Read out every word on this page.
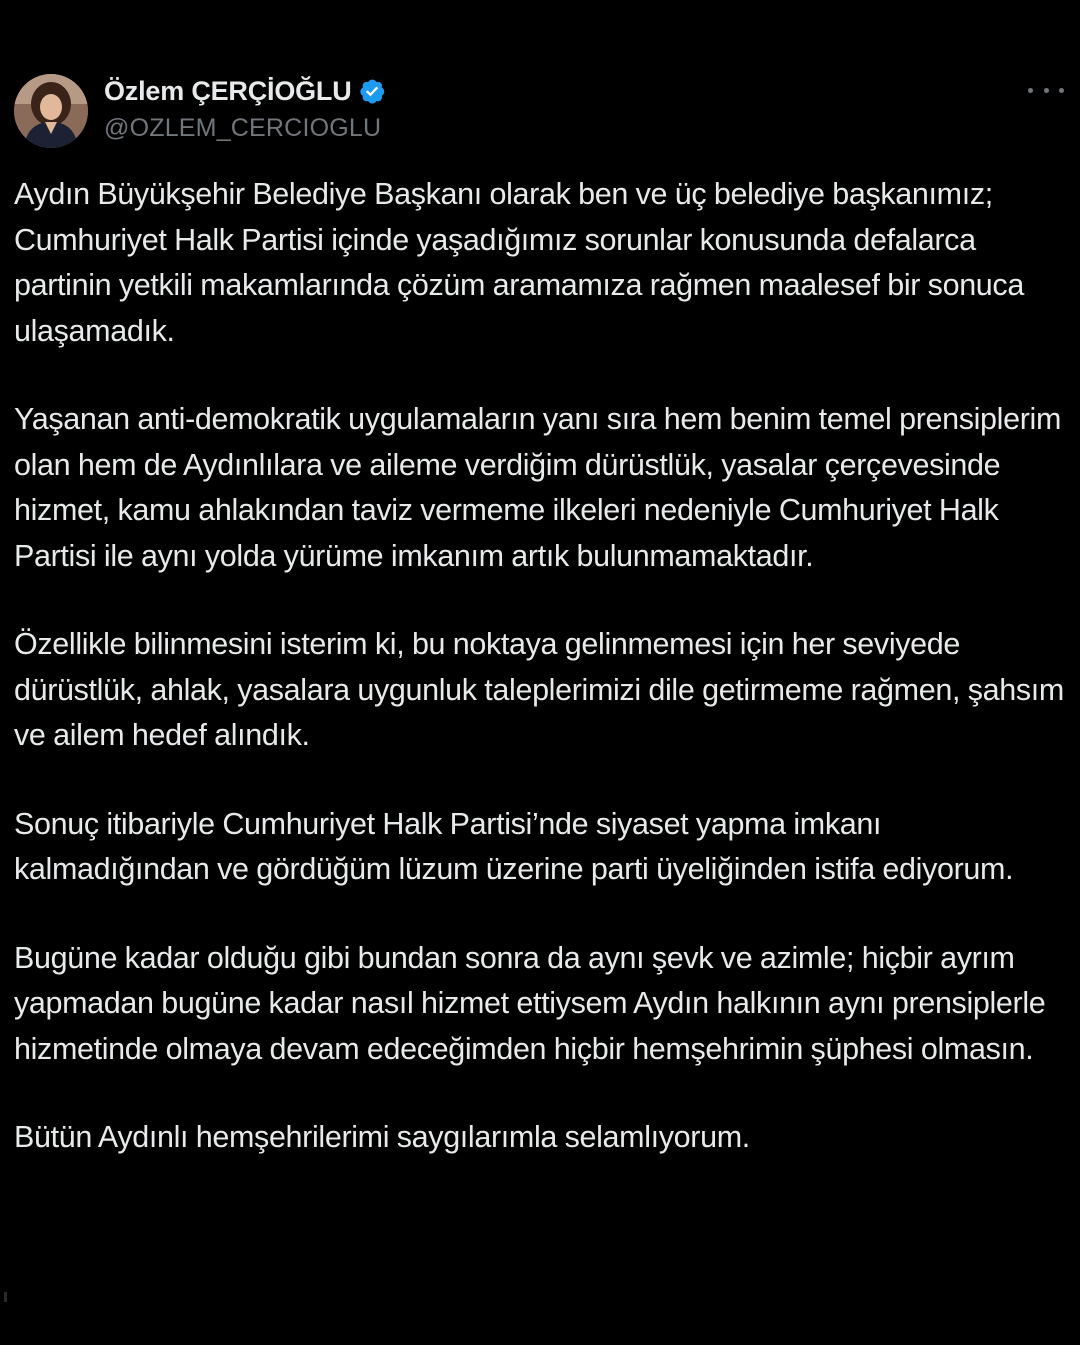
Özlem ÇERÇİOĞLU
@OZLEM_CERCIOGLU

Aydın Büyükşehir Belediye Başkanı olarak ben ve üç belediye başkanımız; Cumhuriyet Halk Partisi içinde yaşadığımız sorunlar konusunda defalarca partinin yetkili makamlarında çözüm aramamıza rağmen maalesef bir sonuca ulaşamadık.

Yaşanan anti-demokratik uygulamaların yanı sıra hem benim temel prensiplerim olan hem de Aydınlılara ve aileme verdiğim dürüstlük, yasalar çerçevesinde hizmet, kamu ahlakından taviz vermeme ilkeleri nedeniyle Cumhuriyet Halk Partisi ile aynı yolda yürüme imkanım artık bulunmamaktadır.

Özellikle bilinmesini isterim ki, bu noktaya gelinmemesi için her seviyede dürüstlük, ahlak, yasalara uygunluk taleplerimizi dile getirmeme rağmen, şahsım ve ailem hedef alındık.

Sonuç itibariyle Cumhuriyet Halk Partisi’nde siyaset yapma imkanı kalmadığından ve gördüğüm lüzum üzerine parti üyeliğinden istifa ediyorum.

Bugüne kadar olduğu gibi bundan sonra da aynı şevk ve azimle; hiçbir ayrım yapmadan bugüne kadar nasıl hizmet ettiysem Aydın halkının aynı prensiplerle hizmetinde olmaya devam edeceğimden hiçbir hemşehrimin şüphesi olmasın.

Bütün Aydınlı hemşehrilerimi saygılarımla selamlıyorum.
